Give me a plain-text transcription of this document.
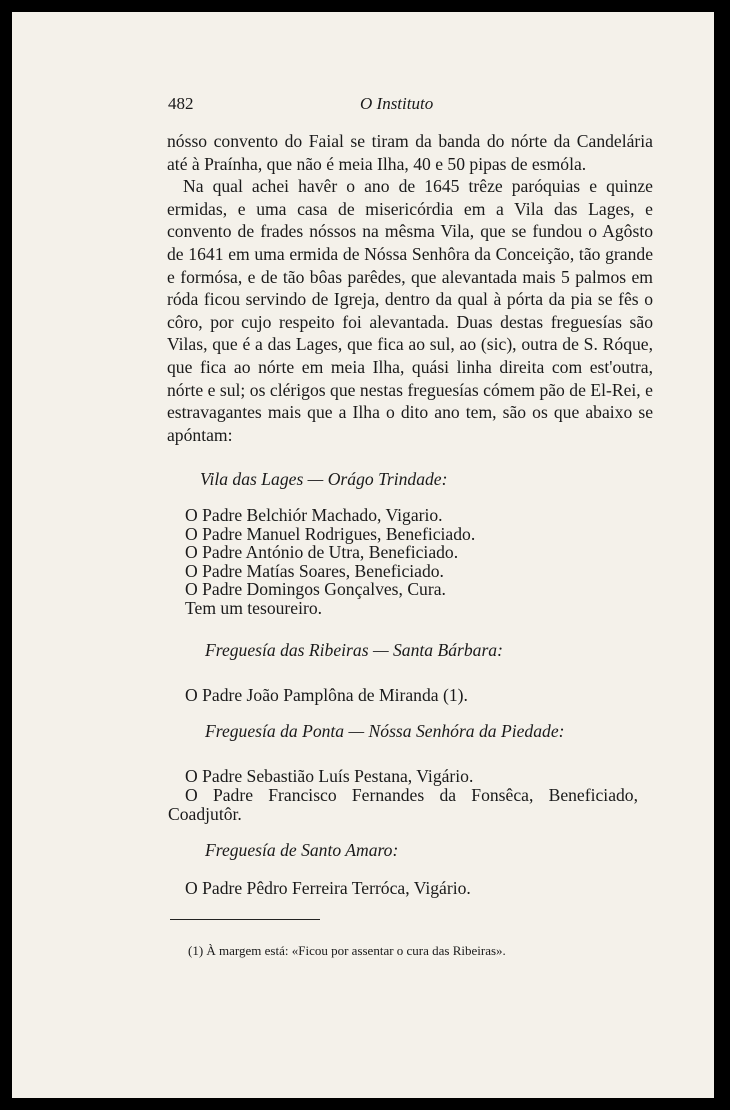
482	O Instituto

nósso convento do Faial se tiram da banda do nórte da Candelária até à Praínha, que não é meia Ilha, 40 e 50 pipas de esmóla.

Na qual achei havêr o ano de 1645 trêze paróquias e quinze ermidas, e uma casa de misericórdia em a Vila das Lages, e convento de frades nóssos na mêsma Vila, que se fundou o Agôsto de 1641 em uma ermida de Nóssa Senhôra da Conceição, tão grande e formósa, e de tão bôas parêdes, que alevantada mais 5 palmos em róda ficou servindo de Igreja, dentro da qual à pórta da pia se fês o côro, por cujo respeito foi alevantada. Duas destas freguesías são Vilas, que é a das Lages, que fica ao sul, ao (sic), outra de S. Róque, que fica ao nórte em meia Ilha, quási linha direita com est'outra, nórte e sul; os clérigos que nestas freguesías cómem pão de El-Rei, e estravagantes mais que a Ilha o dito ano tem, são os que abaixo se apóntam:

Vila das Lages — Orágo Trindade:
O Padre Belchiór Machado, Vigario.
O Padre Manuel Rodrigues, Beneficiado.
O Padre António de Utra, Beneficiado.
O Padre Matías Soares, Beneficiado.
O Padre Domingos Gonçalves, Cura.
Tem um tesoureiro.
Freguesía das Ribeiras — Santa Bárbara:
O Padre João Pamplôna de Miranda (1).
Freguesía da Ponta — Nóssa Senhóra da Piedade:
O Padre Sebastião Luís Pestana, Vigário.
O Padre Francisco Fernandes da Fonsêca, Beneficiado, Coadjutôr.
Freguesía de Santo Amaro:
O Padre Pêdro Ferreira Terróca, Vigário.
(1) À margem está: «Ficou por assentar o cura das Ribeiras».
